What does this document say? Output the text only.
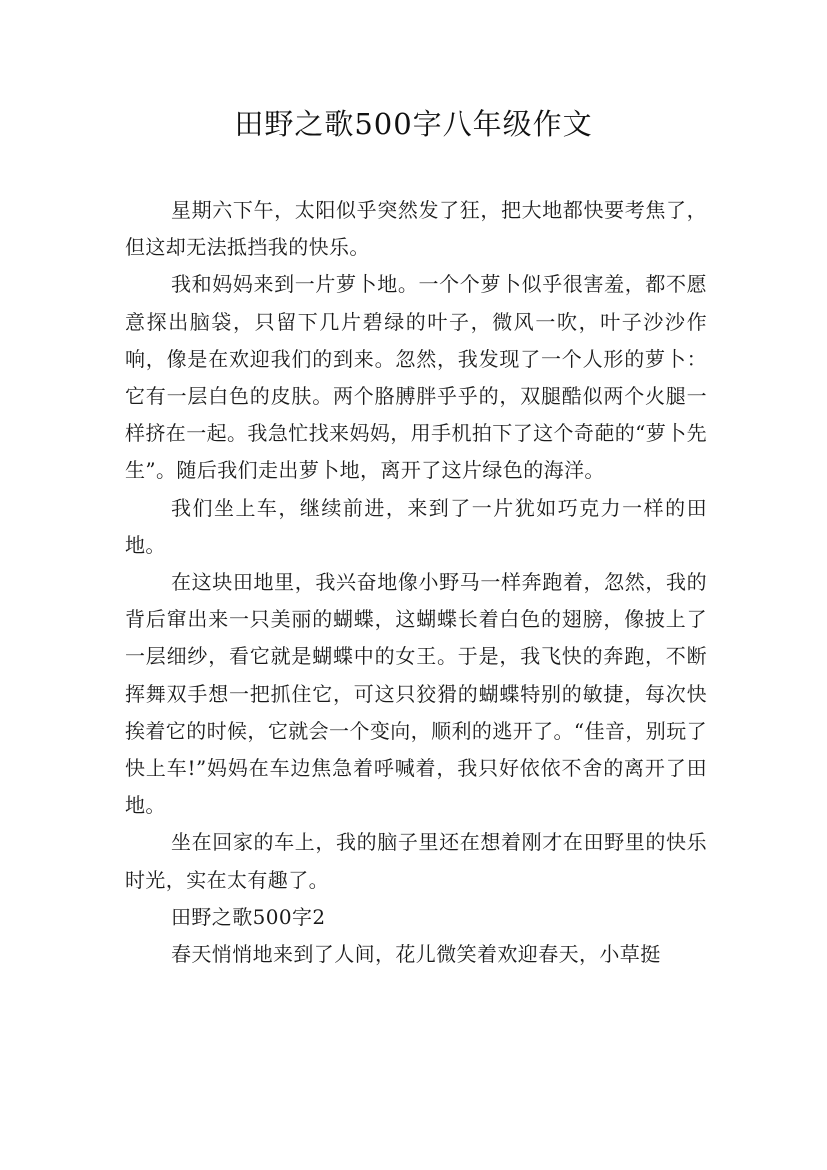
田野之歌500字八年级作文

星期六下午，太阳似乎突然发了狂，把大地都快要考焦了，但这却无法抵挡我的快乐。

我和妈妈来到一片萝卜地。一个个萝卜似乎很害羞，都不愿意探出脑袋，只留下几片碧绿的叶子，微风一吹，叶子沙沙作响，像是在欢迎我们的到来。忽然，我发现了一个人形的萝卜：它有一层白色的皮肤。两个胳膊胖乎乎的，双腿酷似两个火腿一样挤在一起。我急忙找来妈妈，用手机拍下了这个奇葩的“萝卜先生”。随后我们走出萝卜地，离开了这片绿色的海洋。

我们坐上车，继续前进，来到了一片犹如巧克力一样的田地。

在这块田地里，我兴奋地像小野马一样奔跑着，忽然，我的背后窜出来一只美丽的蝴蝶，这蝴蝶长着白色的翅膀，像披上了一层细纱，看它就是蝴蝶中的女王。于是，我飞快的奔跑，不断挥舞双手想一把抓住它，可这只狡猾的蝴蝶特别的敏捷，每次快挨着它的时候，它就会一个变向，顺利的逃开了。“佳音，别玩了快上车!”妈妈在车边焦急着呼喊着，我只好依依不舍的离开了田地。

坐在回家的车上，我的脑子里还在想着刚才在田野里的快乐时光，实在太有趣了。

田野之歌500字2

春天悄悄地来到了人间，花儿微笑着欢迎春天，小草挺
